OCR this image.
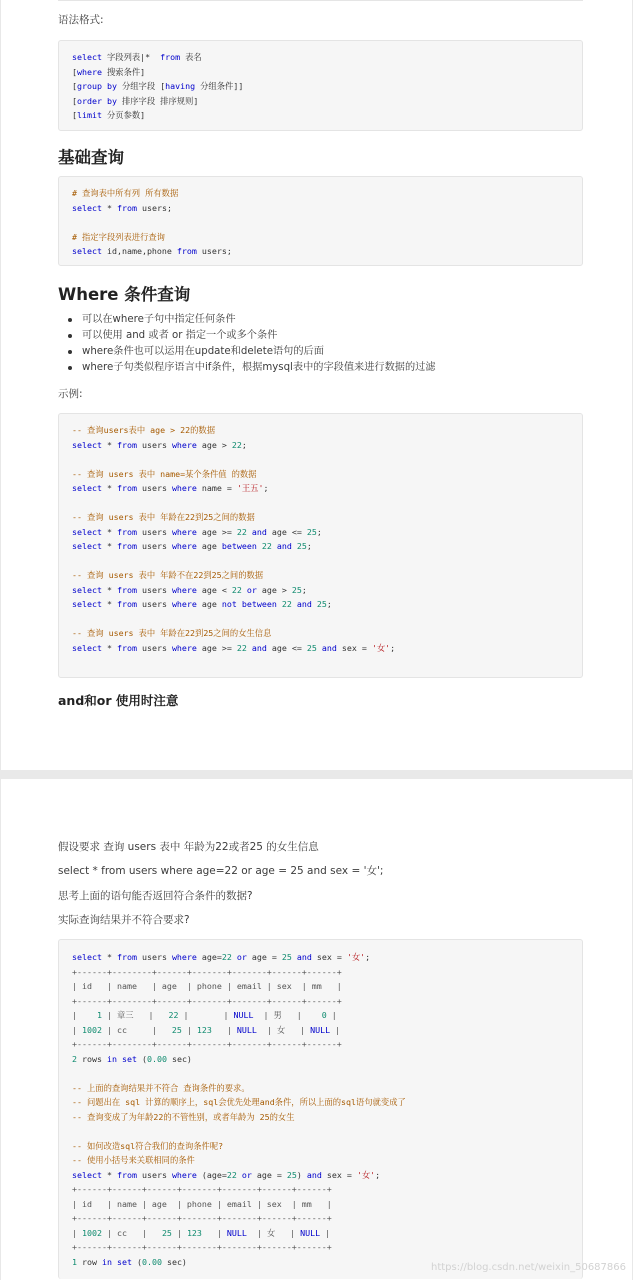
语法格式:
select 字段列表|*  from 表名
[where 搜索条件]
[group by 分组字段 [having 分组条件]]
[order by 排序字段 排序规则]
[limit 分页参数]
基础查询
# 查询表中所有列 所有数据
select * from users;
# 指定字段列表进行查询
select id,name,phone from users;
Where 条件查询
可以在where子句中指定任何条件
可以使用 and 或者 or 指定一个或多个条件
where条件也可以运用在update和delete语句的后面
where子句类似程序语言中if条件，根据mysql表中的字段值来进行数据的过滤
示例:
-- 查询users表中 age > 22的数据
select * from users where age > 22;
-- 查询 users 表中 name=某个条件值 的数据
select * from users where name = '王五';
-- 查询 users 表中 年龄在22到25之间的数据
select * from users where age >= 22 and age <= 25;
select * from users where age between 22 and 25;
-- 查询 users 表中 年龄不在22到25之间的数据
select * from users where age < 22 or age > 25;
select * from users where age not between 22 and 25;
-- 查询 users 表中 年龄在22到25之间的女生信息
select * from users where age >= 22 and age <= 25 and sex = '女';
and和or 使用时注意
假设要求 查询 users 表中 年龄为22或者25 的女生信息
select * from users where age=22 or age = 25 and sex = '女';
思考上面的语句能否返回符合条件的数据?
实际查询结果并不符合要求?
select * from users where age=22 or age = 25 and sex = '女';
+------+--------+------+-------+-------+------+------+
| id   | name   | age  | phone | email | sex  | mm   |
+------+--------+------+-------+-------+------+------+
|    1 | 章三   |   22 |       | NULL  | 男   |    0 |
| 1002 | cc     |   25 | 123   | NULL  | 女   | NULL |
+------+--------+------+-------+-------+------+------+
2 rows in set (0.00 sec)
-- 上面的查询结果并不符合 查询条件的要求。
-- 问题出在 sql 计算的顺序上，sql会优先处理and条件，所以上面的sql语句就变成了
-- 查询变成了为年龄22的不管性别，或者年龄为 25的女生
-- 如何改造sql符合我们的查询条件呢?
-- 使用小括号来关联相同的条件
select * from users where (age=22 or age = 25) and sex = '女';
+------+------+------+-------+-------+------+------+
| id   | name | age  | phone | email | sex  | mm   |
+------+------+------+-------+-------+------+------+
| 1002 | cc   |   25 | 123   | NULL  | 女   | NULL |
+------+------+------+-------+-------+------+------+
1 row in set (0.00 sec)
https://blog.csdn.net/weixin_50687866
